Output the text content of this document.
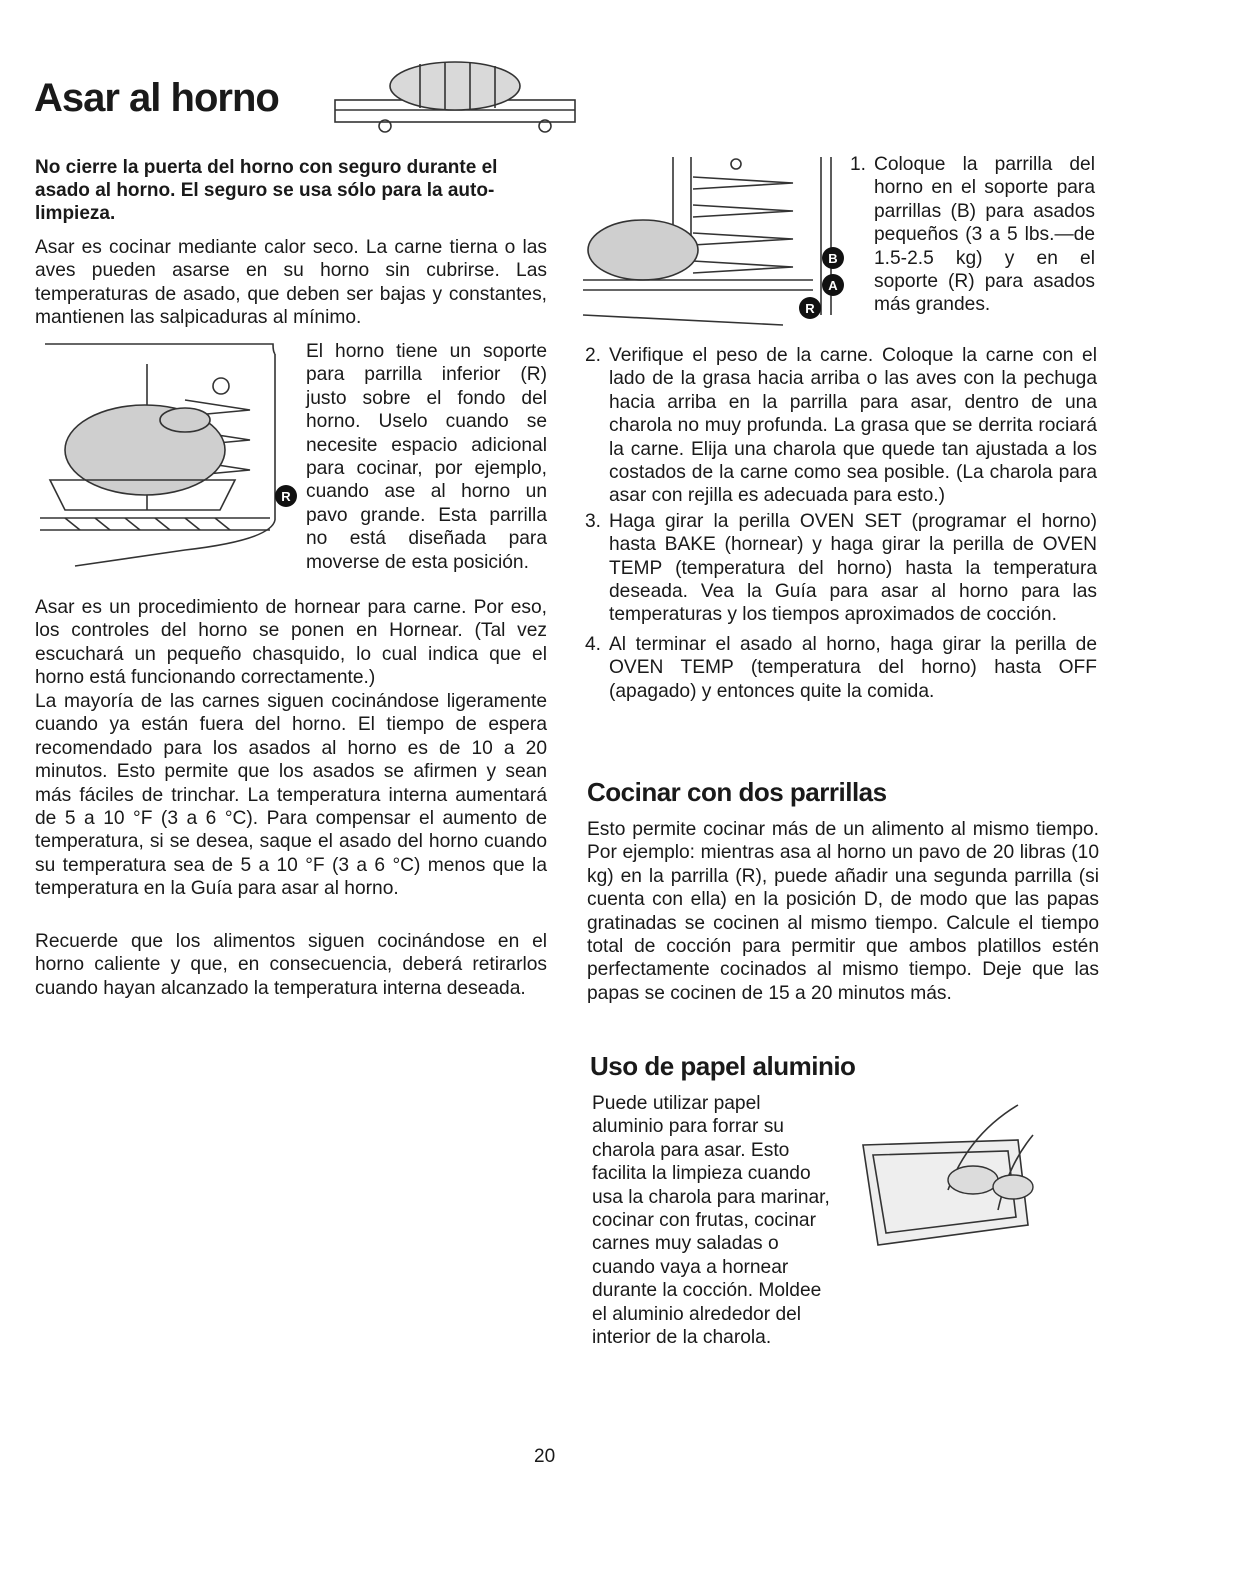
Asar al horno
No cierre la puerta del horno con seguro durante el asado al horno. El seguro se usa sólo para la auto-limpieza.

Asar es cocinar mediante calor seco. La carne tierna o las aves pueden asarse en su horno sin cubrirse. Las temperaturas de asado, que deben ser bajas y constantes, mantienen las salpicaduras al mínimo.

R

El horno tiene un soporte para parrilla inferior (R) justo sobre el fondo del horno. Uselo cuando se necesite espacio adicional para cocinar, por ejemplo, cuando ase al horno un pavo grande. Esta parrilla no está diseñada para moverse de esta posición.

Asar es un procedimiento de hornear para carne. Por eso, los controles del horno se ponen en Hornear. (Tal vez escuchará un pequeño chasquido, lo cual indica que el horno está funcionando correctamente.)

La mayoría de las carnes siguen cocinándose ligeramente cuando ya están fuera del horno. El tiempo de espera recomendado para los asados al horno es de 10 a 20 minutos. Esto permite que los asados se afirmen y sean más fáciles de trinchar. La temperatura interna aumentará de 5 a 10 °F (3 a 6 °C). Para compensar el aumento de temperatura, si se desea, saque el asado del horno cuando su temperatura sea de 5 a 10 °F (3 a 6 °C) menos que la temperatura en la Guía para asar al horno.

Recuerde que los alimentos siguen cocinándose en el horno caliente y que, en consecuencia, deberá retirarlos cuando hayan alcanzado la temperatura interna deseada.

B
A
R
1. Coloque la parrilla del horno en el soporte para parrillas (B) para asados pequeños (3 a 5 lbs.—de 1.5-2.5 kg) y en el soporte (R) para asados más grandes.
2. Verifique el peso de la carne. Coloque la carne con el lado de la grasa hacia arriba o las aves con la pechuga hacia arriba en la parrilla para asar, dentro de una charola no muy profunda. La grasa que se derrita rociará la carne. Elija una charola que quede tan ajustada a los costados de la carne como sea posible. (La charola para asar con rejilla es adecuada para esto.)
3. Haga girar la perilla OVEN SET (programar el horno) hasta BAKE (hornear) y haga girar la perilla de OVEN TEMP (temperatura del horno) hasta la temperatura deseada. Vea la Guía para asar al horno para las temperaturas y los tiempos aproximados de cocción.
4. Al terminar el asado al horno, haga girar la perilla de OVEN TEMP (temperatura del horno) hasta OFF (apagado) y entonces quite la comida.
Cocinar con dos parrillas

Esto permite cocinar más de un alimento al mismo tiempo. Por ejemplo: mientras asa al horno un pavo de 20 libras (10 kg) en la parrilla (R), puede añadir una segunda parrilla (si cuenta con ella) en la posición D, de modo que las papas gratinadas se cocinen al mismo tiempo. Calcule el tiempo total de cocción para permitir que ambos platillos estén perfectamente cocinados al mismo tiempo. Deje que las papas se cocinen de 15 a 20 minutos más.

Uso de papel aluminio

Puede utilizar papel aluminio para forrar su charola para asar. Esto facilita la limpieza cuando usa la charola para marinar, cocinar con frutas, cocinar carnes muy saladas o cuando vaya a hornear durante la cocción. Moldee el aluminio alrededor del interior de la charola.

20
